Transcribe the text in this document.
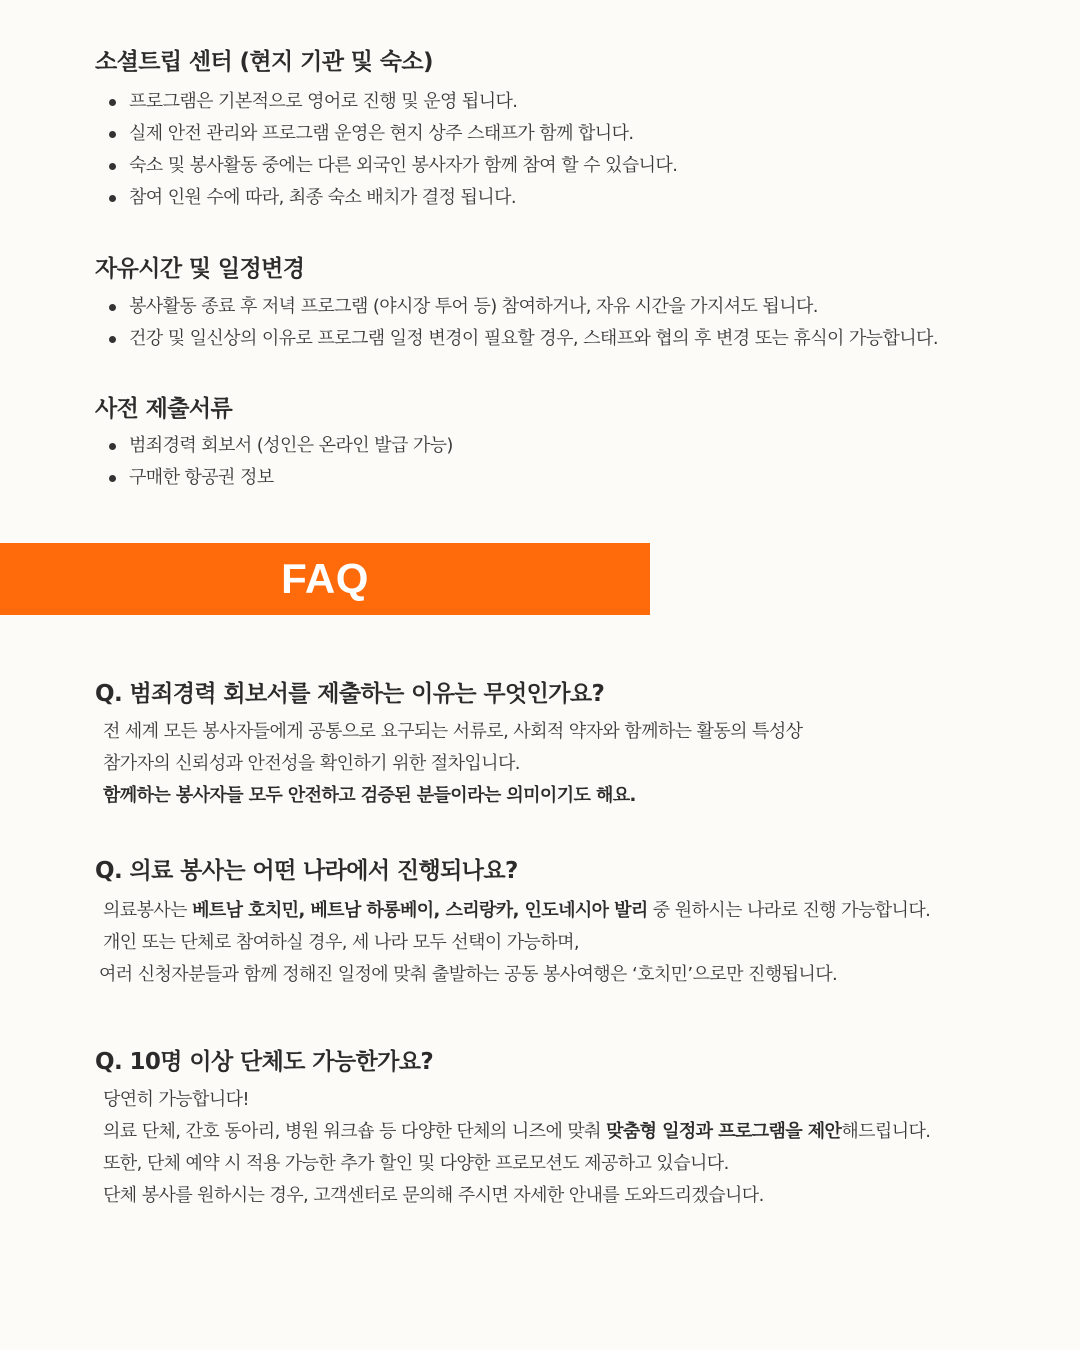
소셜트립 센터 (현지 기관 및 숙소)
프로그램은 기본적으로 영어로 진행 및 운영 됩니다.
실제 안전 관리와 프로그램 운영은 현지 상주 스태프가 함께 합니다.
숙소 및 봉사활동 중에는 다른 외국인 봉사자가 함께 참여 할 수 있습니다.
참여 인원 수에 따라, 최종 숙소 배치가 결정 됩니다.
자유시간 및 일정변경
봉사활동 종료 후 저녁 프로그램 (야시장 투어 등) 참여하거나, 자유 시간을 가지셔도 됩니다.
건강 및 일신상의 이유로 프로그램 일정 변경이 필요할 경우, 스태프와 협의 후 변경 또는 휴식이 가능합니다.
사전 제출서류
범죄경력 회보서 (성인은 온라인 발급 가능)
구매한 항공권 정보
FAQ
Q. 범죄경력 회보서를 제출하는 이유는 무엇인가요?
전 세계 모든 봉사자들에게 공통으로 요구되는 서류로, 사회적 약자와 함께하는 활동의 특성상
참가자의 신뢰성과 안전성을 확인하기 위한 절차입니다.
함께하는 봉사자들 모두 안전하고 검증된 분들이라는 의미이기도 해요.
Q. 의료 봉사는 어떤 나라에서 진행되나요?
의료봉사는 베트남 호치민, 베트남 하롱베이, 스리랑카, 인도네시아 발리 중 원하시는 나라로 진행 가능합니다.
개인 또는 단체로 참여하실 경우, 세 나라 모두 선택이 가능하며,
여러 신청자분들과 함께 정해진 일정에 맞춰 출발하는 공동 봉사여행은 ‘호치민’으로만 진행됩니다.
Q. 10명 이상 단체도 가능한가요?
당연히 가능합니다!
의료 단체, 간호 동아리, 병원 워크숍 등 다양한 단체의 니즈에 맞춰 맞춤형 일정과 프로그램을 제안해드립니다.
또한, 단체 예약 시 적용 가능한 추가 할인 및 다양한 프로모션도 제공하고 있습니다.
단체 봉사를 원하시는 경우, 고객센터로 문의해 주시면 자세한 안내를 도와드리겠습니다.
